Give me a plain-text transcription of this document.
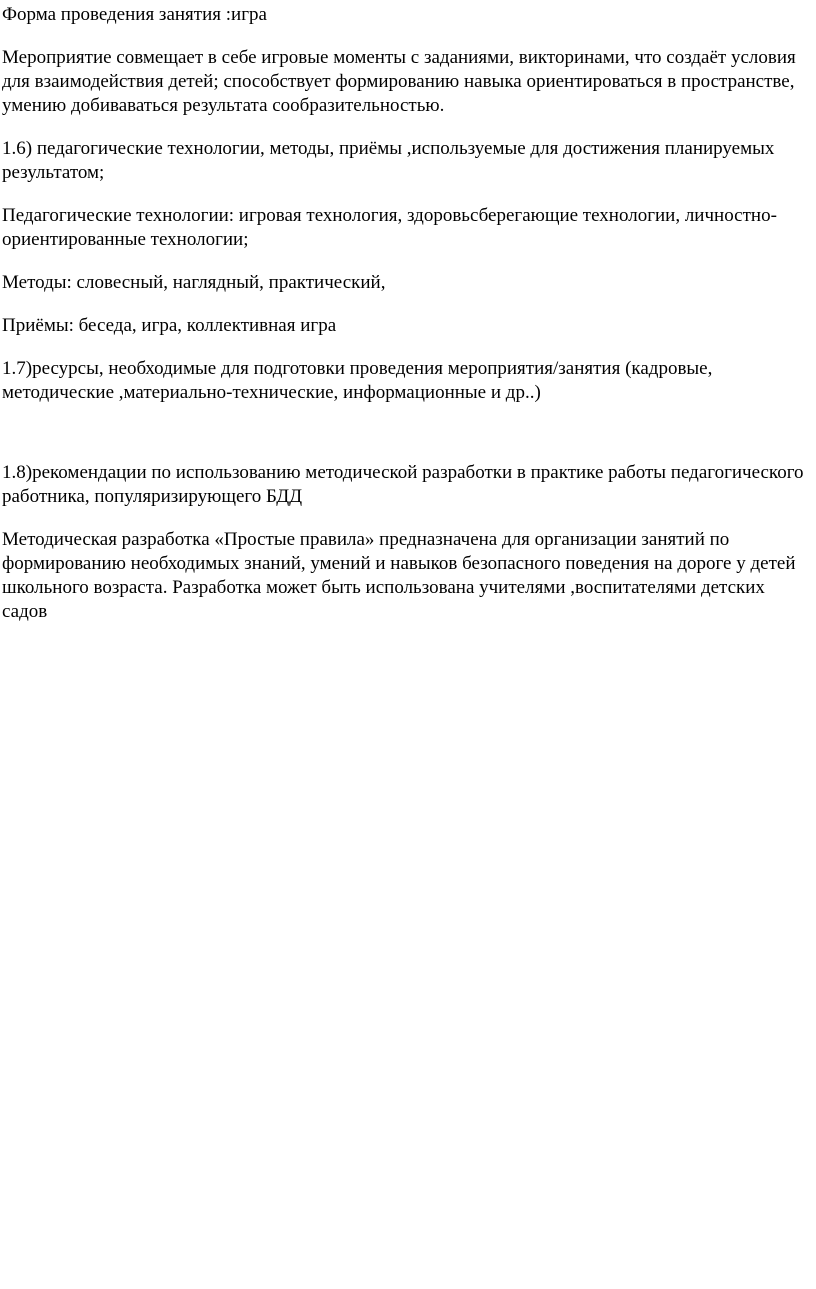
Форма проведения занятия :игра

Мероприятие совмещает в себе игровые моменты с заданиями, викторинами, что создаёт условия для взаимодействия детей; способствует формированию навыка ориентироваться в пространстве, умению добиваваться результата сообразительностью.

1.6) педагогические технологии, методы, приёмы ,используемые для достижения планируемых результатом;

Педагогические технологии: игровая технология, здоровьсберегающие технологии, личностно-ориентированные технологии;

Методы: словесный, наглядный, практический,

Приёмы: беседа, игра, коллективная игра

1.7)ресурсы, необходимые для подготовки проведения мероприятия/занятия (кадровые, методические ,материально-технические, информационные и др..)

1.8)рекомендации по использованию методической разработки в практике работы педагогического работника, популяризирующего БДД

Методическая разработка «Простые правила» предназначена для организации занятий по формированию необходимых знаний, умений и навыков безопасного поведения на дороге у детей школьного возраста. Разработка может быть использована учителями ,воспитателями детских садов
